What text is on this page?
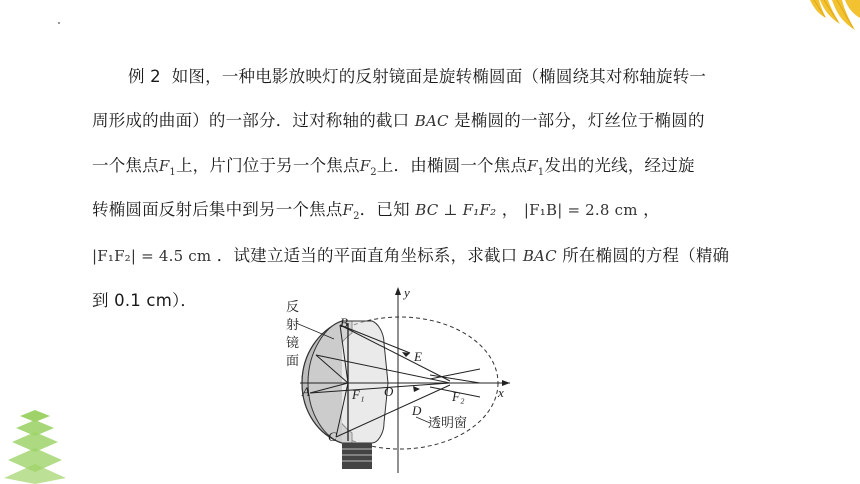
例 2 如图，一种电影放映灯的反射镜面是旋转椭圆面（椭圆绕其对称轴旋转一
周形成的曲面）的一部分．过对称轴的截口 BAC 是椭圆的一部分，灯丝位于椭圆的
一个焦点$F_1$上，片门位于另一个焦点$F_2$上．由椭圆一个焦点$F_1$发出的光线，经过旋
转椭圆面反射后集中到另一个焦点$F_2$．已知 BC ⊥ F₁F₂ ， |F₁B| = 2.8 cm ，
|F₁F₂| = 4.5 cm ．试建立适当的平面直角坐标系，求截口 BAC 所在椭圆的方程（精确
到 0.1 cm）．	反
射
镜
面
B
A
C
F₁ O
E
D
F₂	x
y
透明窗
